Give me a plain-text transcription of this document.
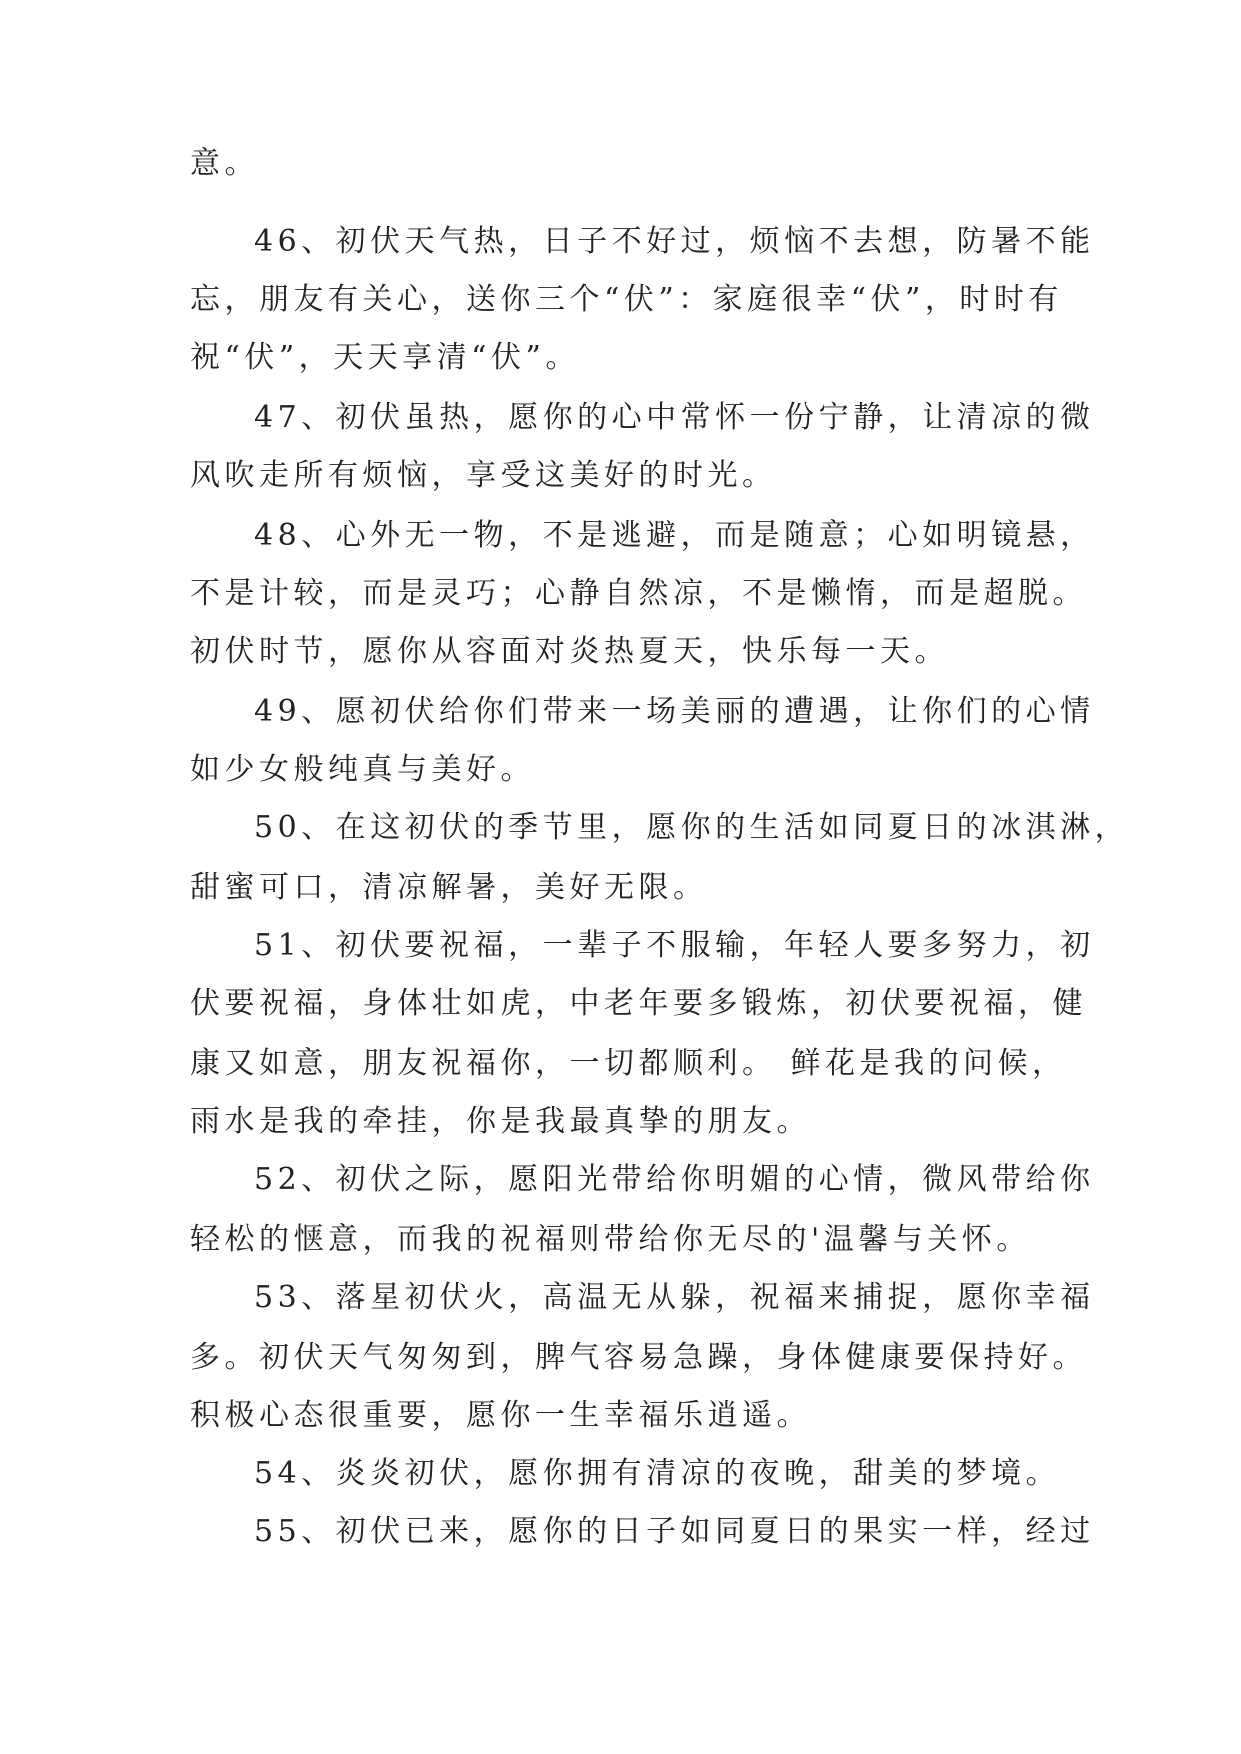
意。
46、初伏天气热，日子不好过，烦恼不去想，防暑不能
忘，朋友有关心，送你三个“伏”：家庭很幸“伏”，时时有
祝“伏”，天天享清“伏”。
47、初伏虽热，愿你的心中常怀一份宁静，让清凉的微
风吹走所有烦恼，享受这美好的时光。
48、心外无一物，不是逃避，而是随意；心如明镜悬，
不是计较，而是灵巧；心静自然凉，不是懒惰，而是超脱。
初伏时节，愿你从容面对炎热夏天，快乐每一天。
49、愿初伏给你们带来一场美丽的遭遇，让你们的心情
如少女般纯真与美好。
50、在这初伏的季节里，愿你的生活如同夏日的冰淇淋，
甜蜜可口，清凉解暑，美好无限。
51、初伏要祝福，一辈子不服输，年轻人要多努力，初
伏要祝福，身体壮如虎，中老年要多锻炼，初伏要祝福，健
康又如意，朋友祝福你，一切都顺利。 鲜花是我的问候，
雨水是我的牵挂，你是我最真挚的朋友。
52、初伏之际，愿阳光带给你明媚的心情，微风带给你
轻松的惬意，而我的祝福则带给你无尽的'温馨与关怀。
53、落星初伏火，高温无从躲，祝福来捕捉，愿你幸福
多。初伏天气匆匆到，脾气容易急躁，身体健康要保持好。
积极心态很重要，愿你一生幸福乐逍遥。
54、炎炎初伏，愿你拥有清凉的夜晚，甜美的梦境。
55、初伏已来，愿你的日子如同夏日的果实一样，经过
